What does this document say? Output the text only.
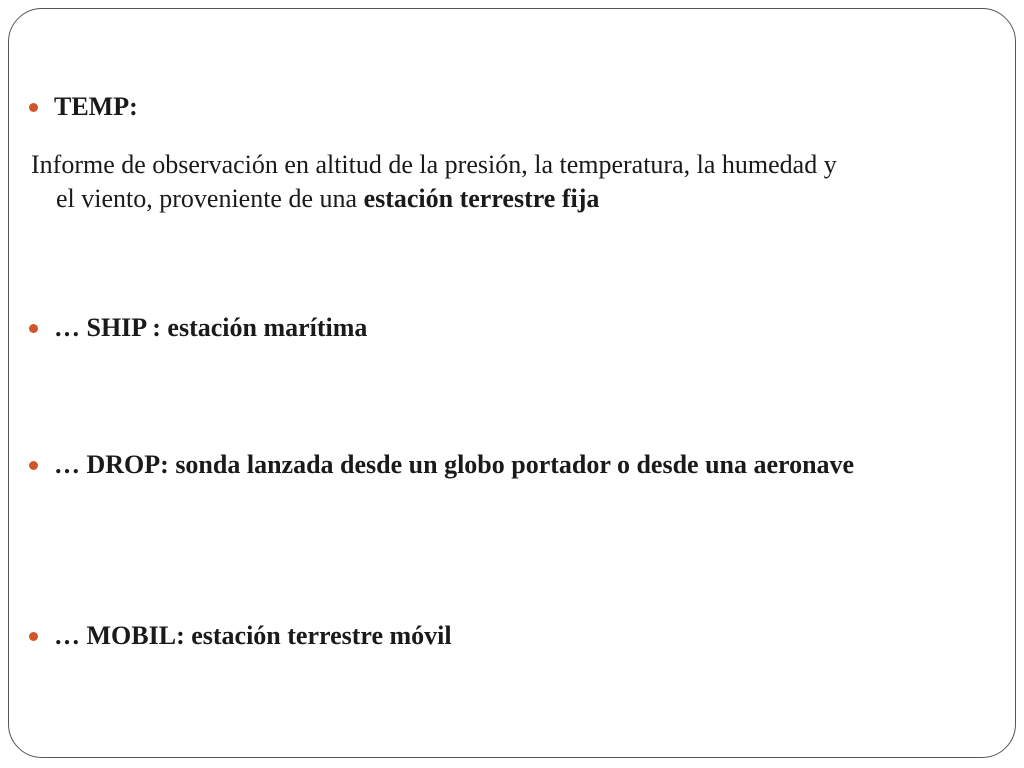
TEMP:
Informe de observación en altitud de la presión, la temperatura, la humedad y
el viento, proveniente de una estación terrestre fija
… SHIP : estación marítima
… DROP: sonda lanzada desde un globo portador o desde una aeronave
… MOBIL: estación terrestre móvil
